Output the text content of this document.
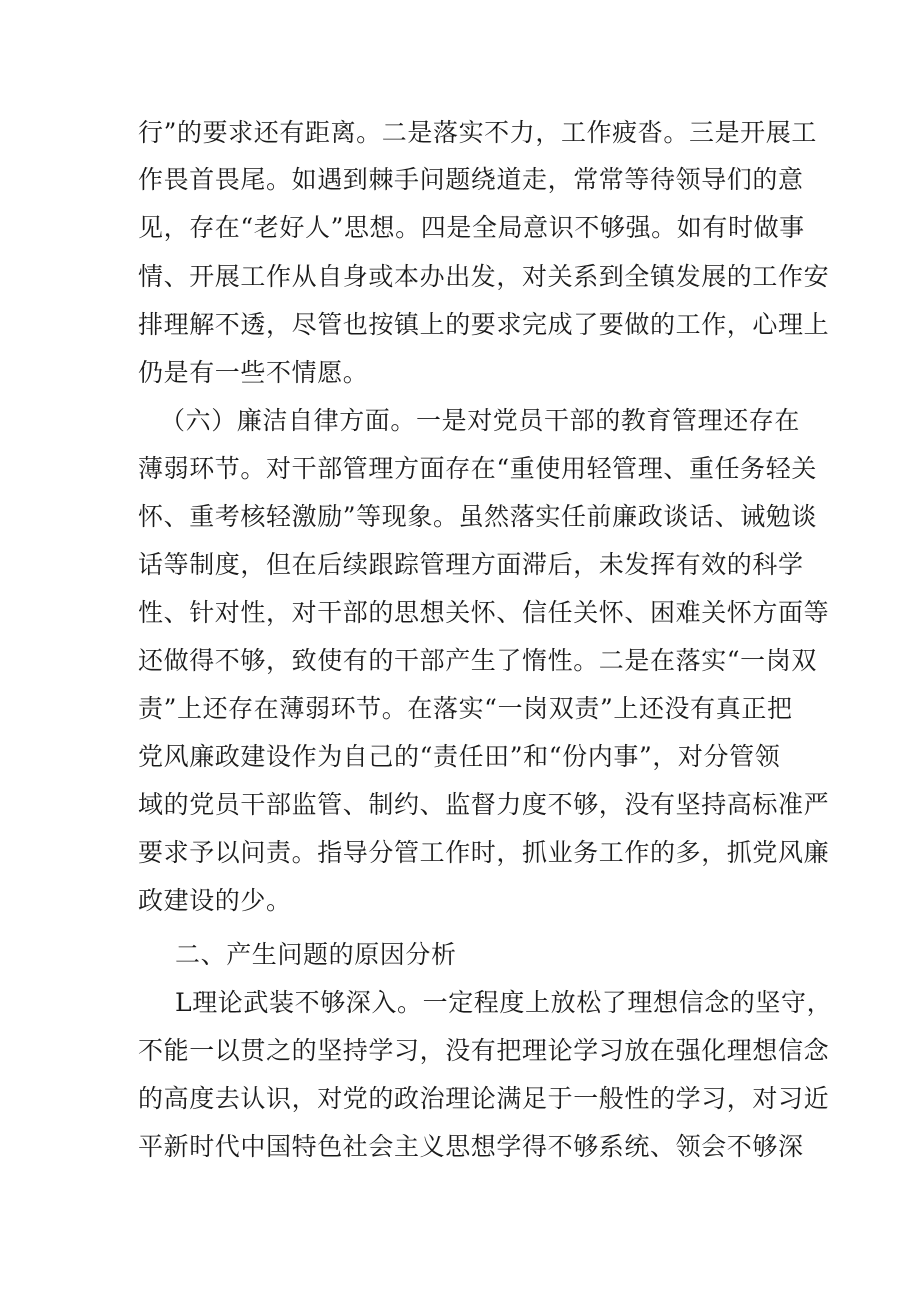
行”的要求还有距离。二是落实不力，工作疲沓。三是开展工
作畏首畏尾。如遇到棘手问题绕道走，常常等待领导们的意
见，存在“老好人”思想。四是全局意识不够强。如有时做事
情、开展工作从自身或本办出发，对关系到全镇发展的工作安
排理解不透，尽管也按镇上的要求完成了要做的工作，心理上
仍是有一些不情愿。
（六）廉洁自律方面。一是对党员干部的教育管理还存在
薄弱环节。对干部管理方面存在“重使用轻管理、重任务轻关
怀、重考核轻激励”等现象。虽然落实任前廉政谈话、诫勉谈
话等制度，但在后续跟踪管理方面滞后，未发挥有效的科学
性、针对性，对干部的思想关怀、信任关怀、困难关怀方面等
还做得不够，致使有的干部产生了惰性。二是在落实“一岗双
责”上还存在薄弱环节。在落实“一岗双责”上还没有真正把
党风廉政建设作为自己的“责任田”和“份内事”，对分管领
域的党员干部监管、制约、监督力度不够，没有坚持高标准严
要求予以问责。指导分管工作时，抓业务工作的多，抓党风廉
政建设的少。
二、产生问题的原因分析
L理论武装不够深入。一定程度上放松了理想信念的坚守，
不能一以贯之的坚持学习，没有把理论学习放在强化理想信念
的高度去认识，对党的政治理论满足于一般性的学习，对习近
平新时代中国特色社会主义思想学得不够系统、领会不够深
